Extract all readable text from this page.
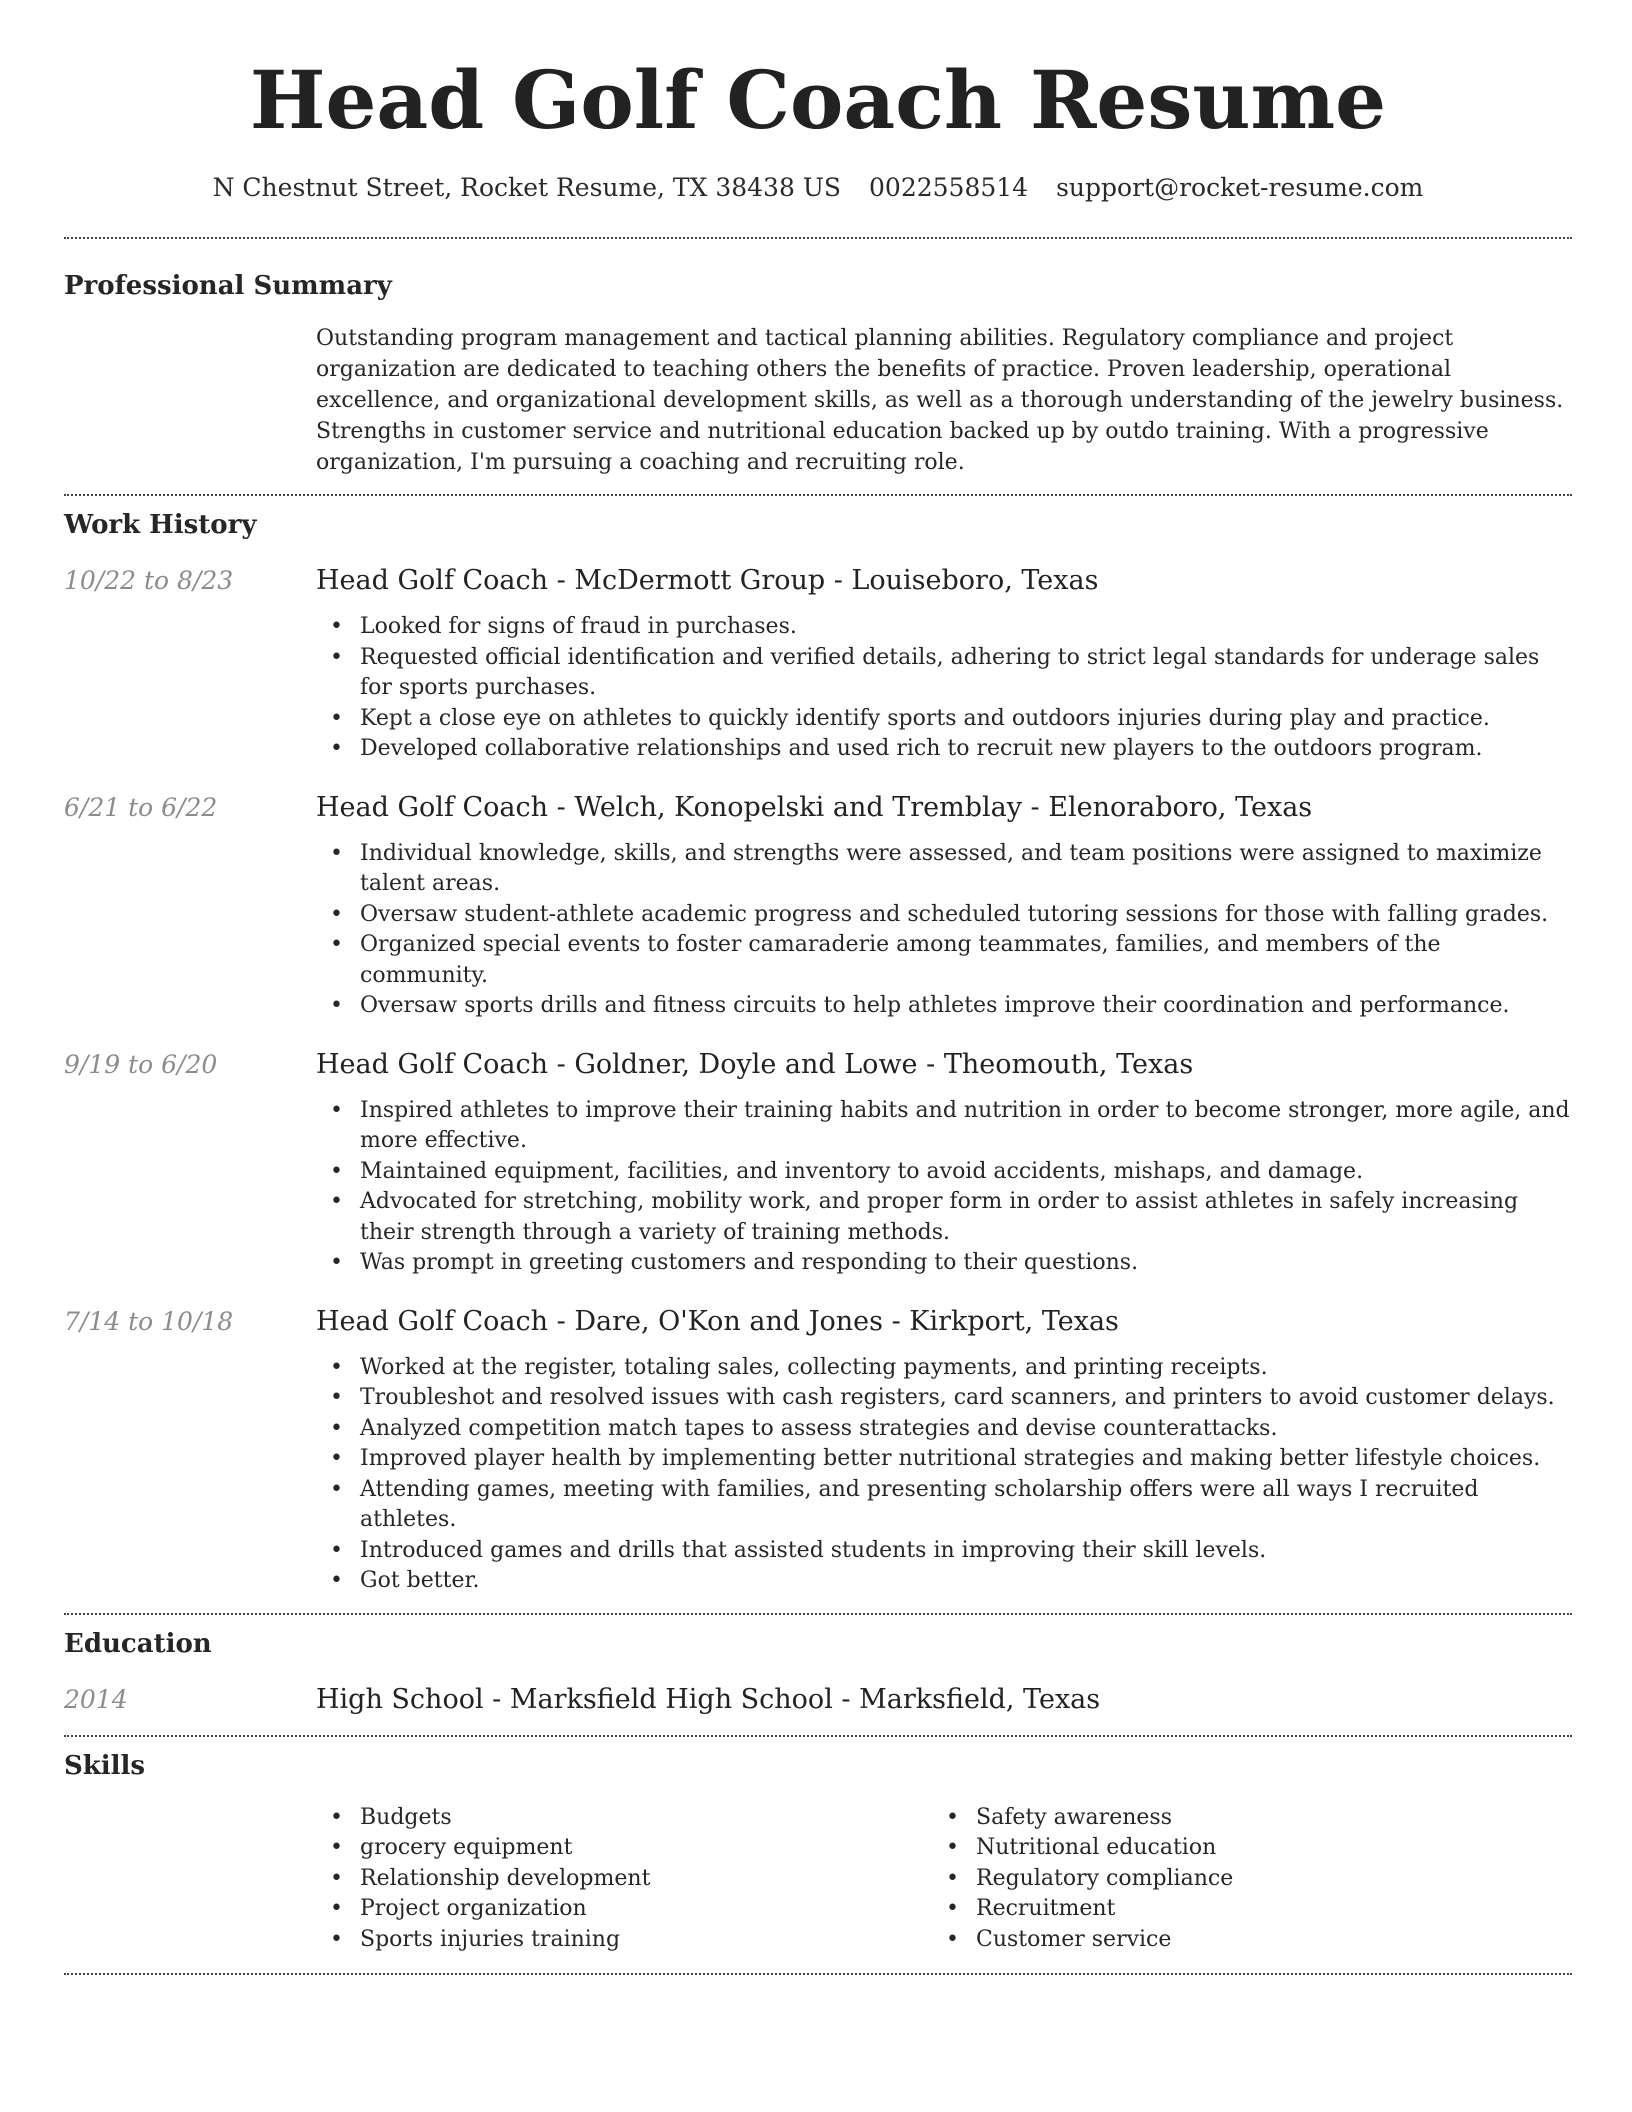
Head Golf Coach Resume
N Chestnut Street, Rocket Resume, TX 38438 US 0022558514 support@rocket-resume.com
Professional Summary

Outstanding program management and tactical planning abilities. Regulatory compliance and project organization are dedicated to teaching others the benefits of practice. Proven leadership, operational excellence, and organizational development skills, as well as a thorough understanding of the jewelry business. Strengths in customer service and nutritional education backed up by outdo training. With a progressive organization, I'm pursuing a coaching and recruiting role.

Work History
10/22 to 8/23	Head Golf Coach - McDermott Group - Louiseboro, Texas
• Looked for signs of fraud in purchases.
• Requested official identification and verified details, adhering to strict legal standards for underage sales for sports purchases.
• Kept a close eye on athletes to quickly identify sports and outdoors injuries during play and practice.
• Developed collaborative relationships and used rich to recruit new players to the outdoors program.
6/21 to 6/22	Head Golf Coach - Welch, Konopelski and Tremblay - Elenoraboro, Texas
• Individual knowledge, skills, and strengths were assessed, and team positions were assigned to maximize talent areas.
• Oversaw student-athlete academic progress and scheduled tutoring sessions for those with falling grades.
• Organized special events to foster camaraderie among teammates, families, and members of the community.
• Oversaw sports drills and fitness circuits to help athletes improve their coordination and performance.
9/19 to 6/20	Head Golf Coach - Goldner, Doyle and Lowe - Theomouth, Texas
• Inspired athletes to improve their training habits and nutrition in order to become stronger, more agile, and more effective.
• Maintained equipment, facilities, and inventory to avoid accidents, mishaps, and damage.
• Advocated for stretching, mobility work, and proper form in order to assist athletes in safely increasing their strength through a variety of training methods.
• Was prompt in greeting customers and responding to their questions.
7/14 to 10/18	Head Golf Coach - Dare, O'Kon and Jones - Kirkport, Texas
• Worked at the register, totaling sales, collecting payments, and printing receipts.
• Troubleshot and resolved issues with cash registers, card scanners, and printers to avoid customer delays.
• Analyzed competition match tapes to assess strategies and devise counterattacks.
• Improved player health by implementing better nutritional strategies and making better lifestyle choices.
• Attending games, meeting with families, and presenting scholarship offers were all ways I recruited athletes.
• Introduced games and drills that assisted students in improving their skill levels.
• Got better.
Education
2014	High School - Marksfield High School - Marksfield, Texas
Skills
• Budgets
• grocery equipment
• Relationship development
• Project organization
• Sports injuries training
• Safety awareness
• Nutritional education
• Regulatory compliance
• Recruitment
• Customer service
